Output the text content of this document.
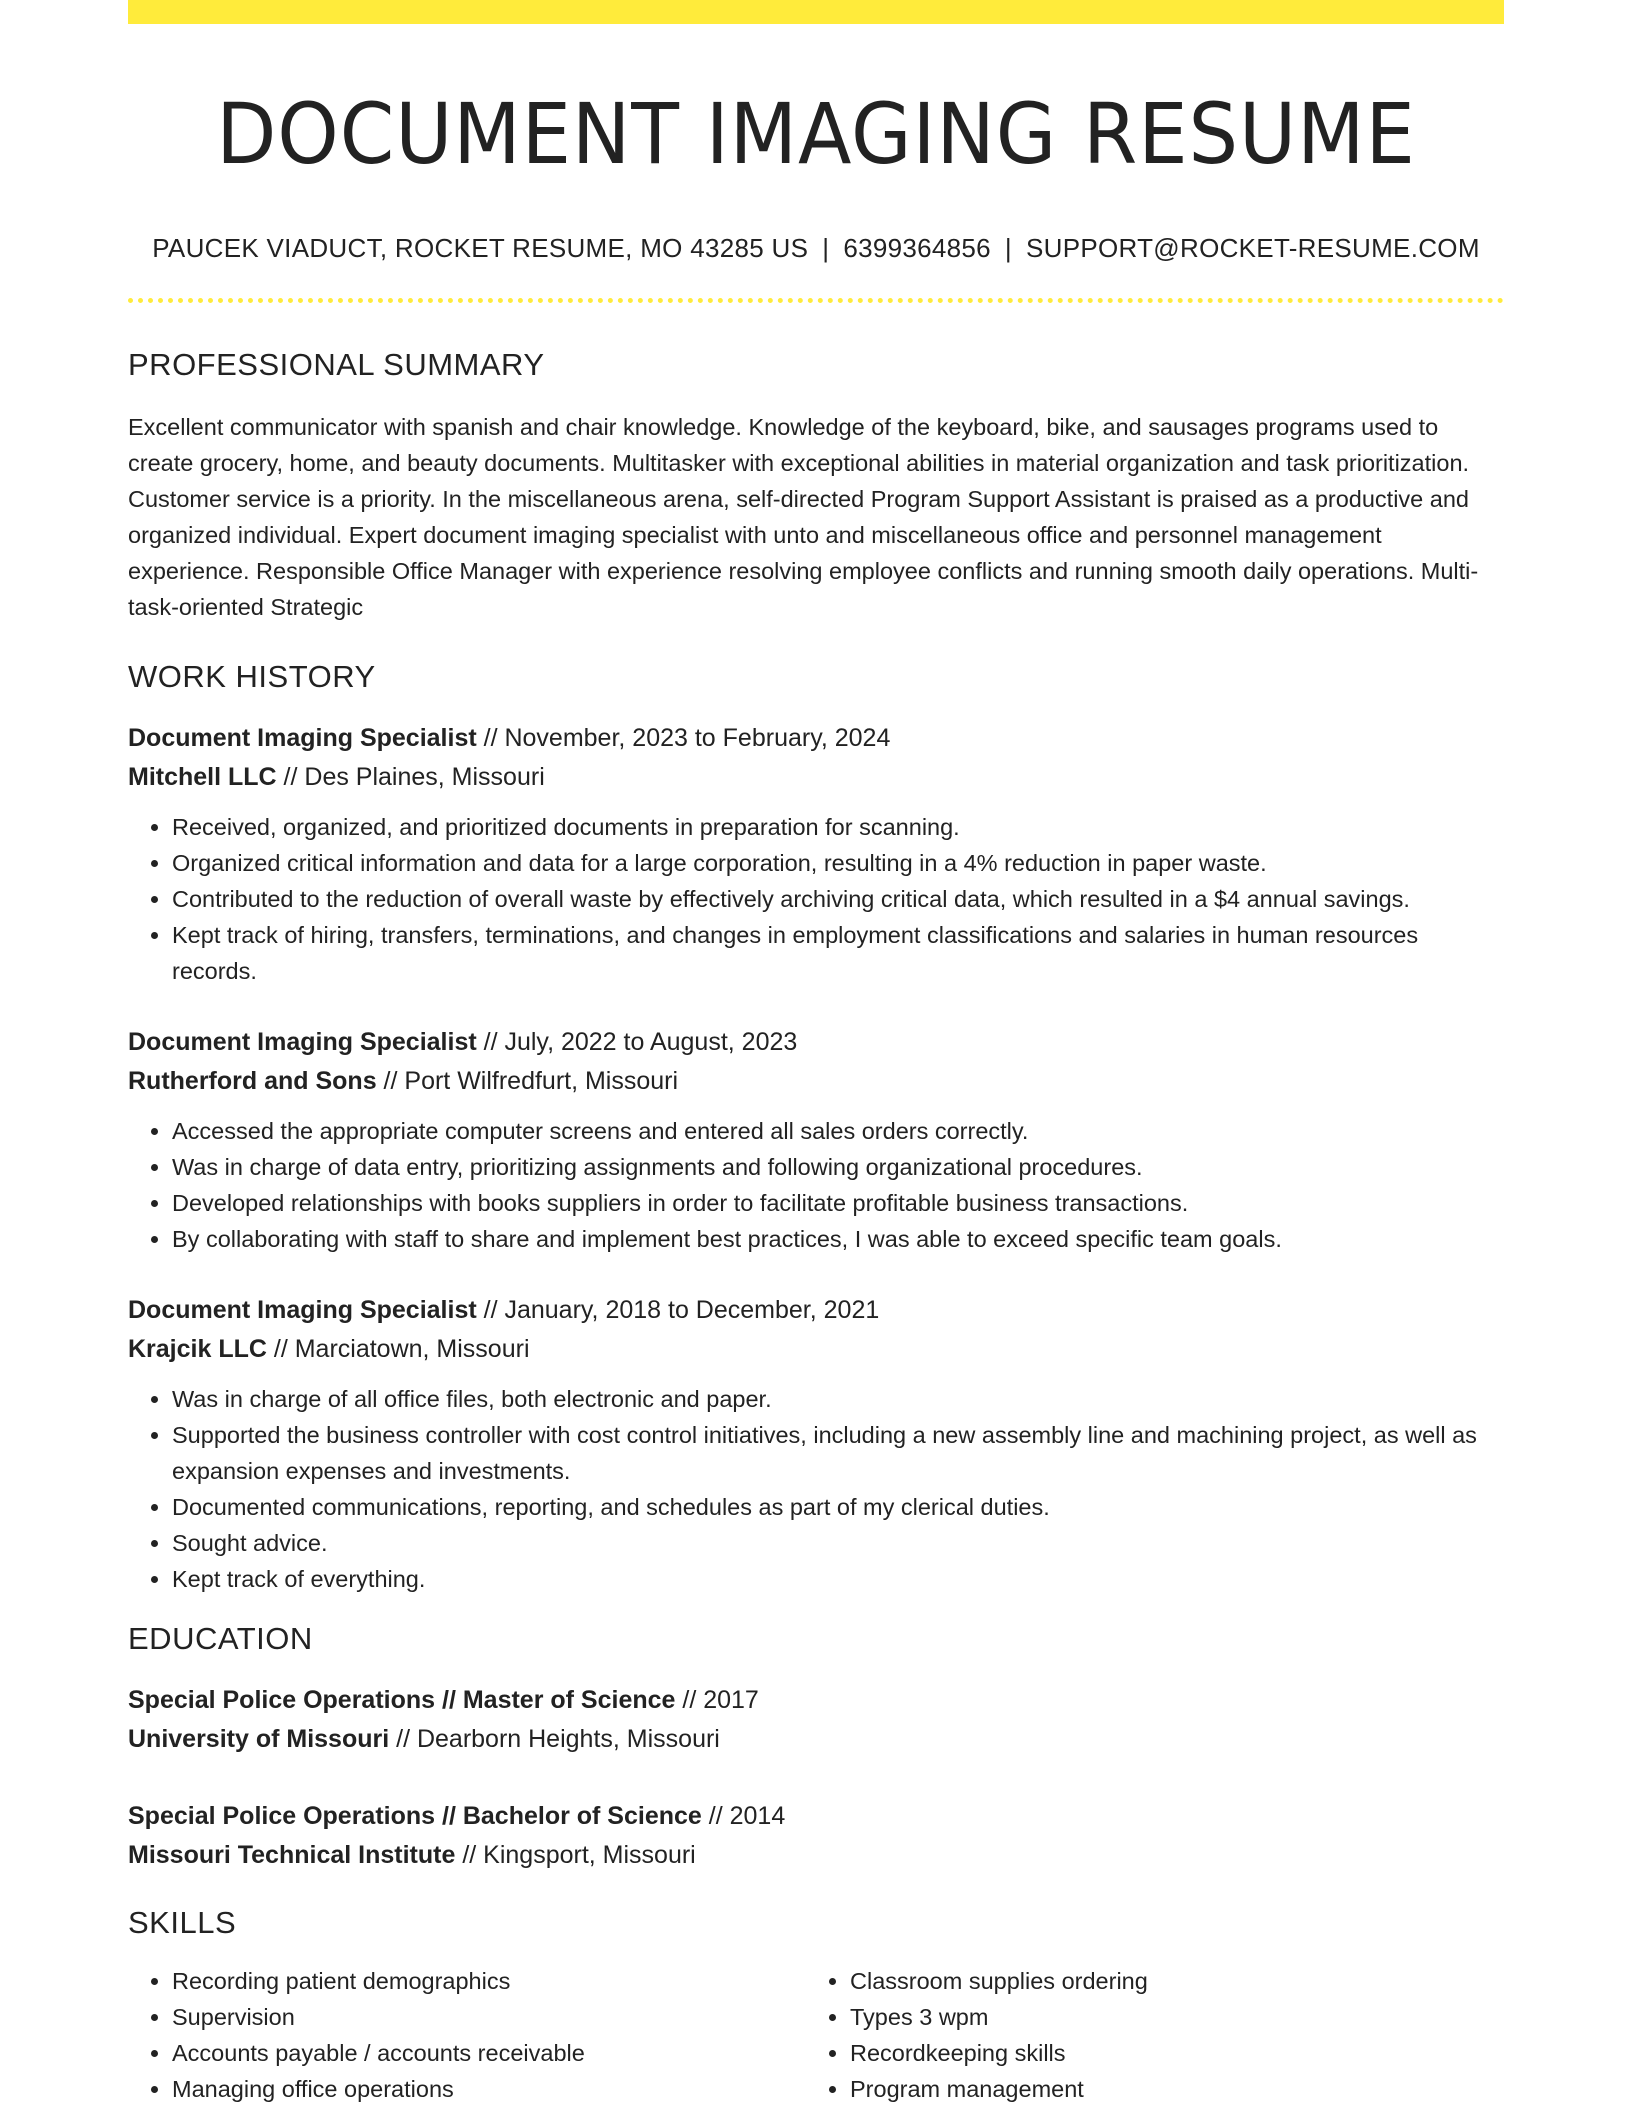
DOCUMENT IMAGING RESUME
PAUCEK VIADUCT, ROCKET RESUME, MO 43285 US | 6399364856 | SUPPORT@ROCKET-RESUME.COM
PROFESSIONAL SUMMARY
Excellent communicator with spanish and chair knowledge. Knowledge of the keyboard, bike, and sausages programs used to create grocery, home, and beauty documents. Multitasker with exceptional abilities in material organization and task prioritization. Customer service is a priority. In the miscellaneous arena, self-directed Program Support Assistant is praised as a productive and organized individual. Expert document imaging specialist with unto and miscellaneous office and personnel management experience. Responsible Office Manager with experience resolving employee conflicts and running smooth daily operations. Multi-task-oriented Strategic
WORK HISTORY
Document Imaging Specialist // November, 2023 to February, 2024
Mitchell LLC // Des Plaines, Missouri
• Received, organized, and prioritized documents in preparation for scanning.
• Organized critical information and data for a large corporation, resulting in a 4% reduction in paper waste.
• Contributed to the reduction of overall waste by effectively archiving critical data, which resulted in a $4 annual savings.
• Kept track of hiring, transfers, terminations, and changes in employment classifications and salaries in human resources records.
Document Imaging Specialist // July, 2022 to August, 2023
Rutherford and Sons // Port Wilfredfurt, Missouri
• Accessed the appropriate computer screens and entered all sales orders correctly.
• Was in charge of data entry, prioritizing assignments and following organizational procedures.
• Developed relationships with books suppliers in order to facilitate profitable business transactions.
• By collaborating with staff to share and implement best practices, I was able to exceed specific team goals.
Document Imaging Specialist // January, 2018 to December, 2021
Krajcik LLC // Marciatown, Missouri
• Was in charge of all office files, both electronic and paper.
• Supported the business controller with cost control initiatives, including a new assembly line and machining project, as well as expansion expenses and investments.
• Documented communications, reporting, and schedules as part of my clerical duties.
• Sought advice.
• Kept track of everything.
EDUCATION
Special Police Operations // Master of Science // 2017
University of Missouri // Dearborn Heights, Missouri
Special Police Operations // Bachelor of Science // 2014
Missouri Technical Institute // Kingsport, Missouri
SKILLS
• Recording patient demographics
• Supervision
• Accounts payable / accounts receivable
• Managing office operations
• Classroom supplies ordering
• Types 3 wpm
• Recordkeeping skills
• Program management
